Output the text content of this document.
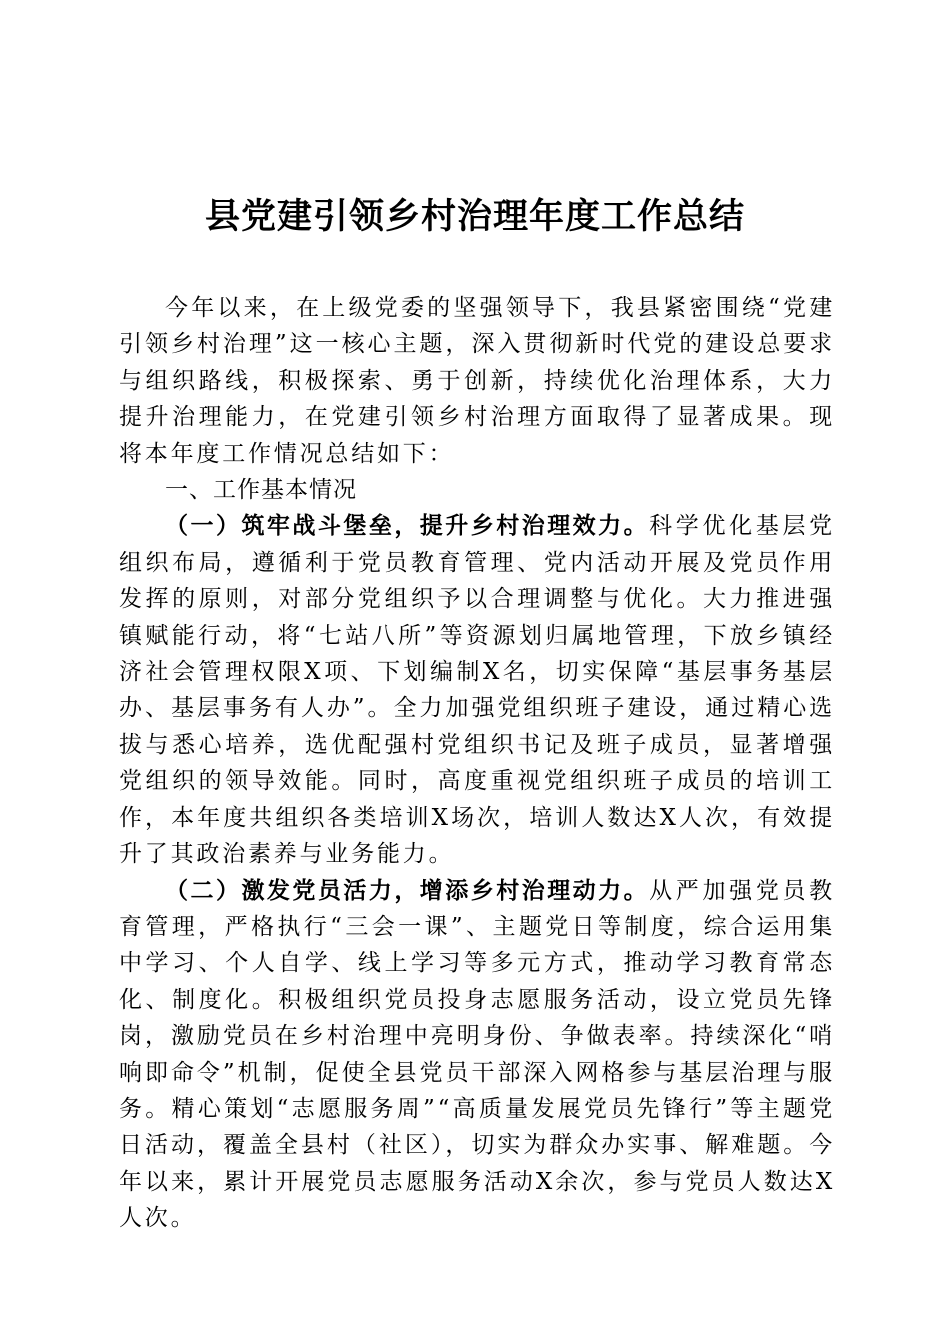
县党建引领乡村治理年度工作总结

今年以来，在上级党委的坚强领导下，我县紧密围绕“党建引领乡村治理”这一核心主题，深入贯彻新时代党的建设总要求与组织路线，积极探索、勇于创新，持续优化治理体系，大力提升治理能力，在党建引领乡村治理方面取得了显著成果。现将本年度工作情况总结如下：

一、工作基本情况

（一）筑牢战斗堡垒，提升乡村治理效力。科学优化基层党组织布局，遵循利于党员教育管理、党内活动开展及党员作用发挥的原则，对部分党组织予以合理调整与优化。大力推进强镇赋能行动，将“七站八所”等资源划归属地管理，下放乡镇经济社会管理权限X项、下划编制X名，切实保障“基层事务基层办、基层事务有人办”。全力加强党组织班子建设，通过精心选拔与悉心培养，选优配强村党组织书记及班子成员，显著增强党组织的领导效能。同时，高度重视党组织班子成员的培训工作，本年度共组织各类培训X场次，培训人数达X人次，有效提升了其政治素养与业务能力。

（二）激发党员活力，增添乡村治理动力。从严加强党员教育管理，严格执行“三会一课”、主题党日等制度，综合运用集中学习、个人自学、线上学习等多元方式，推动学习教育常态化、制度化。积极组织党员投身志愿服务活动，设立党员先锋岗，激励党员在乡村治理中亮明身份、争做表率。持续深化“哨响即命令”机制，促使全县党员干部深入网格参与基层治理与服务。精心策划“志愿服务周”“高质量发展党员先锋行”等主题党日活动，覆盖全县村（社区），切实为群众办实事、解难题。今年以来，累计开展党员志愿服务活动X余次，参与党员人数达X人次。
